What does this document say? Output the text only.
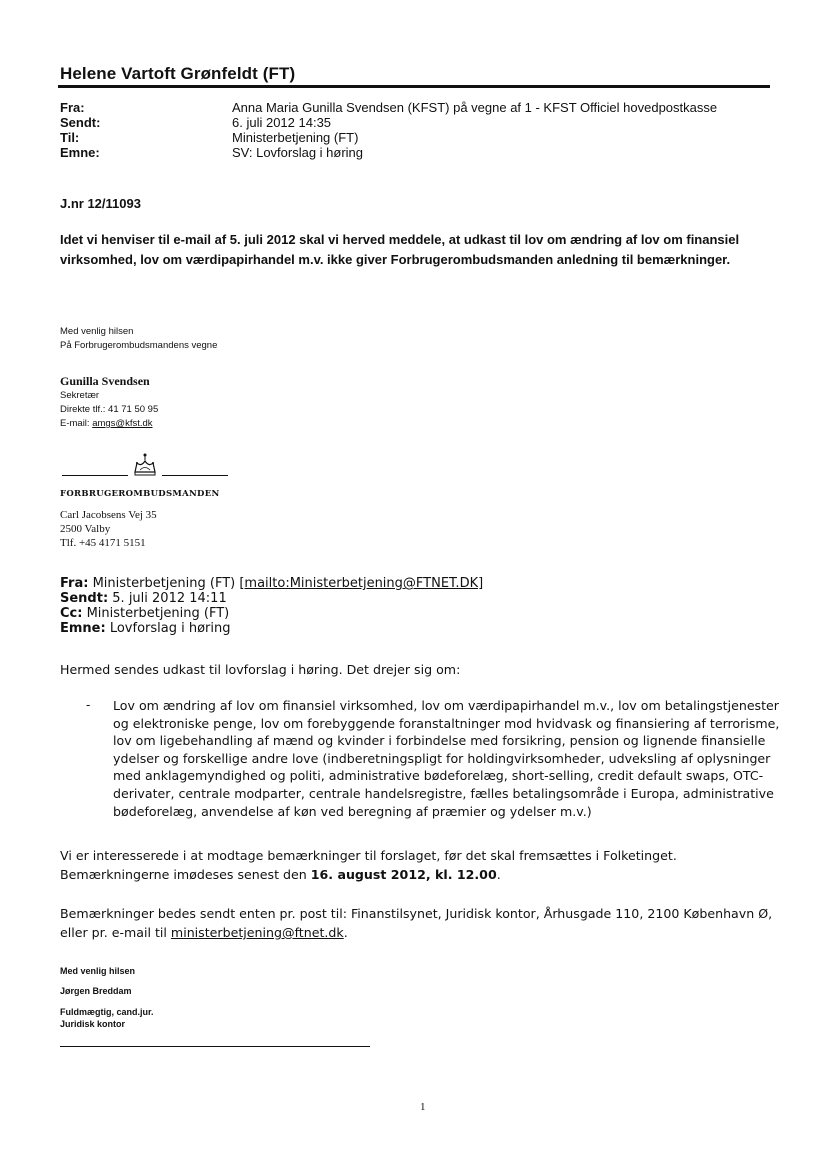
Helene Vartoft Grønfeldt (FT)
Fra:	Anna Maria Gunilla Svendsen (KFST) på vegne af 1 - KFST Officiel hovedpostkasse
Sendt:	6. juli 2012 14:35
Til:	Ministerbetjening (FT)
Emne:	SV: Lovforslag i høring
J.nr 12/11093
Idet vi henviser til e-mail af 5. juli 2012 skal vi herved meddele, at udkast til lov om ændring af lov om finansiel virksomhed, lov om værdipapirhandel m.v. ikke giver Forbrugerombudsmanden anledning til bemærkninger.
Med venlig hilsen
På Forbrugerombudsmandens vegne
Gunilla Svendsen
Sekretær
Direkte tlf.: 41 71 50 95
E-mail: amgs@kfst.dk
FORBRUGEROMBUDSMANDEN
Carl Jacobsens Vej 35
2500 Valby
Tlf. +45 4171 5151
Fra: Ministerbetjening (FT) [mailto:Ministerbetjening@FTNET.DK]
Sendt: 5. juli 2012 14:11
Cc: Ministerbetjening (FT)
Emne: Lovforslag i høring
Hermed sendes udkast til lovforslag i høring. Det drejer sig om:
- Lov om ændring af lov om finansiel virksomhed, lov om værdipapirhandel m.v., lov om betalingstjenester og elektroniske penge, lov om forebyggende foranstaltninger mod hvidvask og finansiering af terrorisme, lov om ligebehandling af mænd og kvinder i forbindelse med forsikring, pension og lignende finansielle ydelser og forskellige andre love (indberetningspligt for holdingvirksomheder, udveksling af oplysninger med anklagemyndighed og politi, administrative bødeforelæg, short-selling, credit default swaps, OTC-derivater, centrale modparter, centrale handelsregistre, fælles betalingsområde i Europa, administrative bødeforelæg, anvendelse af køn ved beregning af præmier og ydelser m.v.)
Vi er interesserede i at modtage bemærkninger til forslaget, før det skal fremsættes i Folketinget. Bemærkningerne imødeses senest den 16. august 2012, kl. 12.00.
Bemærkninger bedes sendt enten pr. post til: Finanstilsynet, Juridisk kontor, Århusgade 110, 2100 København Ø, eller pr. e-mail til ministerbetjening@ftnet.dk.
Med venlig hilsen
Jørgen Breddam
Fuldmægtig, cand.jur.
Juridisk kontor
1
